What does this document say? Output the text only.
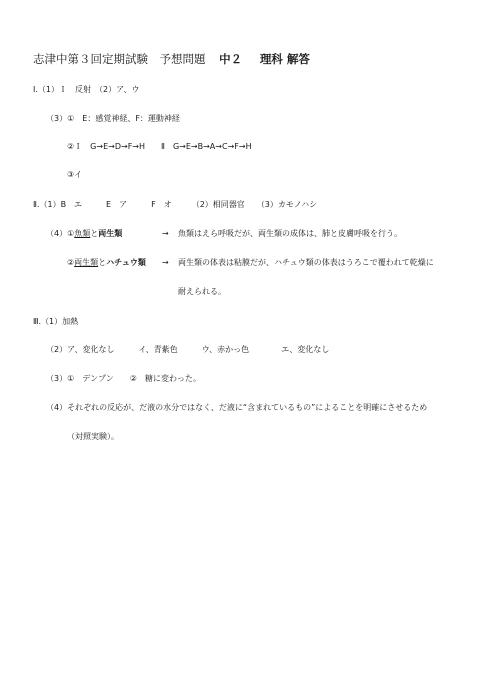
志津中第３回定期試験　予想問題 中２ 理科 解答
Ⅰ.（1）Ｉ　反射　（2）ア、ウ
（3）①　E：感覚神経、F：運動神経
②Ｉ　G→E→D→F→H　　Ⅱ　G→E→B→A→C→F→H
③イ
Ⅱ.（1）B　エ　　　E　ア　　　F　オ　　　（2）相同器官　　（3）カモノハシ
（4）①魚類と両生類	→ 魚類はえら呼吸だが、両生類の成体は、肺と皮膚呼吸を行う。
②両生類とハチュウ類 → 両生類の体表は粘膜だが、ハチュウ類の体表はうろこで覆われて乾燥に
耐えられる。
Ⅲ.（1）加熱
（2）ア、変化なし　　　イ、青紫色　　　ウ、赤かっ色　　　　エ、変化なし
（3）①　デンプン　　②　糖に変わった。
（4）それぞれの反応が、だ液の水分ではなく、だ液に“含まれているもの”によることを明確にさせるため
（対照実験）。
